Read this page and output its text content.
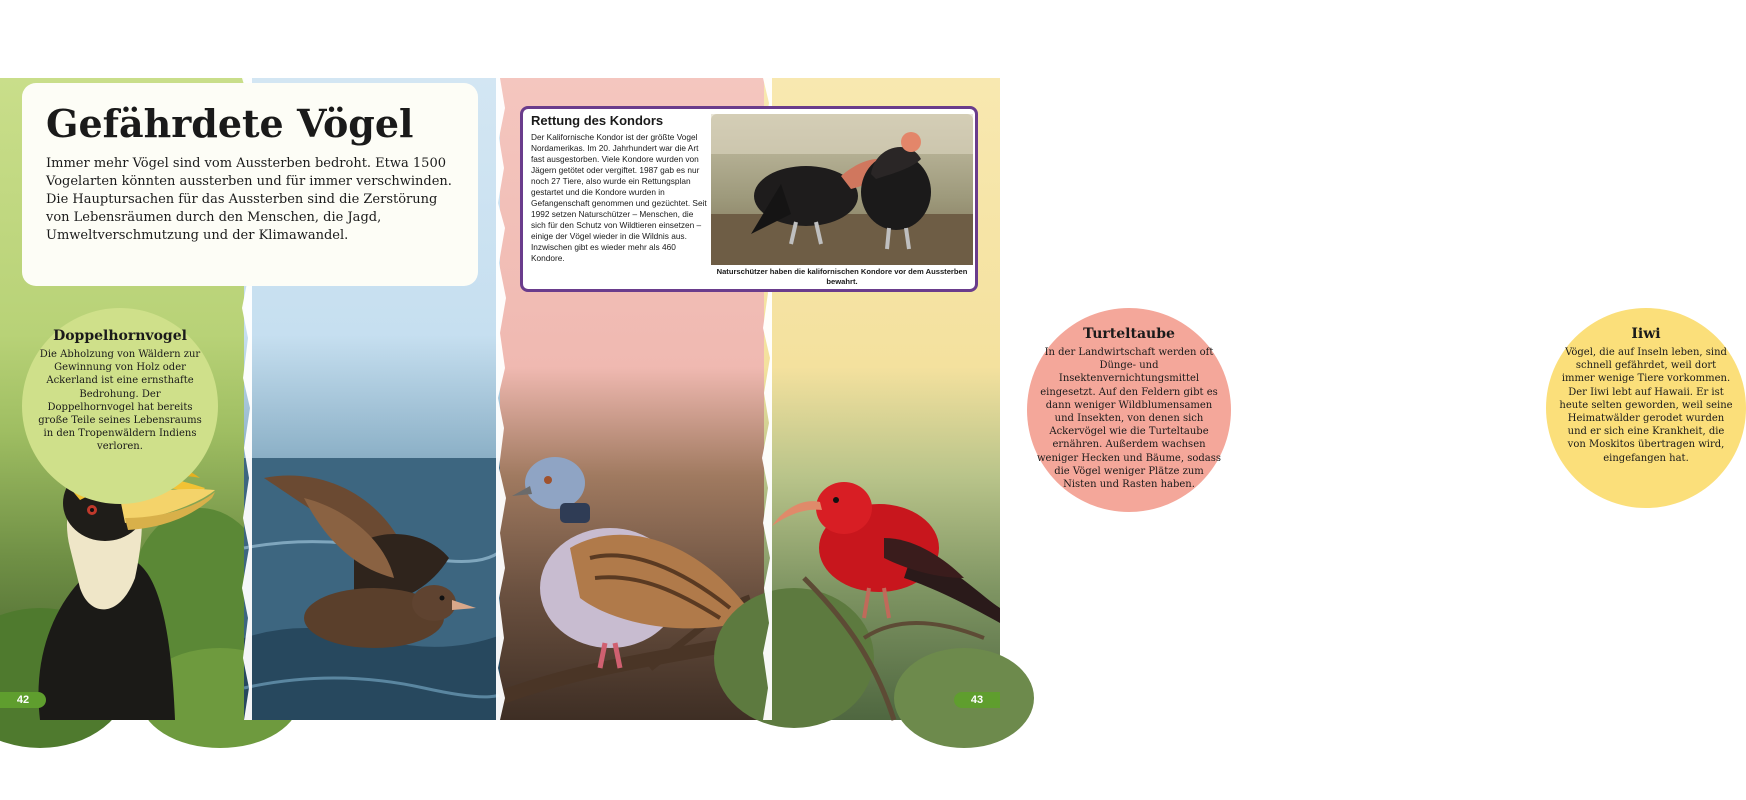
Doppelhornvogel

Die Abholzung von Wäldern zur Gewinnung von Holz oder Ackerland ist eine ernsthafte Bedrohung. Der Doppelhornvogel hat bereits große Teile seines Lebensraums in den Tropenwäldern Indiens verloren.

Turteltaube

In der Landwirtschaft werden oft Dünge- und Insektenvernichtungsmittel eingesetzt. Auf den Feldern gibt es dann weniger Wildblumensamen und Insekten, von denen sich Ackervögel wie die Turteltaube ernähren. Außerdem wachsen weniger Hecken und Bäume, sodass die Vögel weniger Plätze zum Nisten und Rasten haben.

Iiwi

Vögel, die auf Inseln leben, sind schnell gefährdet, weil dort immer wenige Tiere vorkommen. Der Iiwi lebt auf Hawaii. Er ist heute selten geworden, weil seine Heimatwälder gerodet wurden und er sich eine Krankheit, die von Moskitos übertragen wird, eingefangen hat.

Gefährdete Vögel

Immer mehr Vögel sind vom Aussterben bedroht. Etwa 1500 Vogelarten könnten aussterben und für immer verschwinden. Die Hauptursachen für das Aussterben sind die Zerstörung von Lebensräumen durch den Menschen, die Jagd, Umweltverschmutzung und der Klimawandel.

Rettung des Kondors

Der Kalifornische Kondor ist der größte Vogel Nordamerikas. Im 20. Jahrhundert war die Art fast ausgestorben. Viele Kondore wurden von Jägern getötet oder vergiftet. 1987 gab es nur noch 27 Tiere, also wurde ein Rettungsplan gestartet und die Kondore wurden in Gefangenschaft genommen und gezüchtet. Seit 1992 setzen Naturschützer – Menschen, die sich für den Schutz von Wildtieren einsetzen – einige der Vögel wieder in die Wildnis aus. Inzwischen gibt es wieder mehr als 460 Kondore.

Naturschützer haben die kalifornischen Kondore vor dem Aussterben bewahrt.
42	43
